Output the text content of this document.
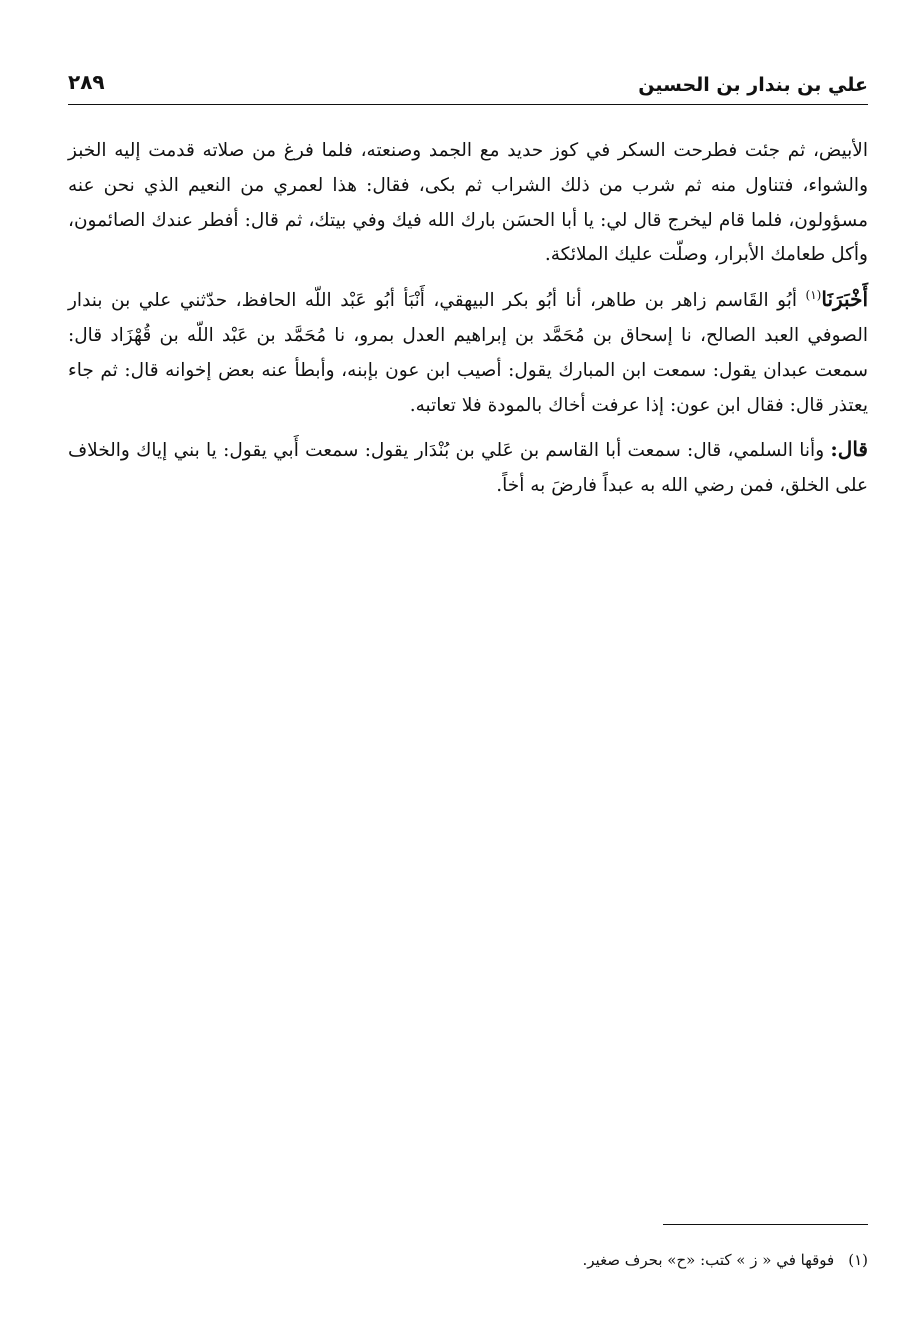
علي بن بندار بن الحسين
٢٨٩

الأبيض، ثم جئت فطرحت السكر في كوز حديد مع الجمد وصنعته، فلما فرغ من صلاته قدمت إليه الخبز والشواء، فتناول منه ثم شرب من ذلك الشراب ثم بكى، فقال: هذا لعمري من النعيم الذي نحن عنه مسؤولون، فلما قام ليخرج قال لي: يا أبا الحسَن بارك الله فيك وفي بيتك، ثم قال: أفطر عندك الصائمون، وأكل طعامك الأبرار، وصلّت عليك الملائكة.

أَخْبَرَنَا$^{(١)}$ أبُو القَاسم زاهر بن طاهر، أنا أبُو بكر البيهقي، أَنْبَأ أبُو عَبْد اللّه الحافظ، حدّثني علي بن بندار الصوفي العبد الصالح، نا إسحاق بن مُحَمَّد بن إبراهيم العدل بمرو، نا مُحَمَّد بن عَبْد اللّه بن قُهْزَاد قال: سمعت عبدان يقول: سمعت ابن المبارك يقول: أصيب ابن عون بإبنه، وأبطأ عنه بعض إخوانه قال: ثم جاء يعتذر قال: فقال ابن عون: إذا عرفت أخاك بالمودة فلا تعاتبه.

قال: وأنا السلمي، قال: سمعت أبا القاسم بن عَلي بن بُنْدَار يقول: سمعت أَبي يقول: يا بني إياك والخلاف على الخلق، فمن رضي الله به عبداً فارضَ به أخاً.

(١)فوقها في « ز » كتب: «ح» بحرف صغير.
